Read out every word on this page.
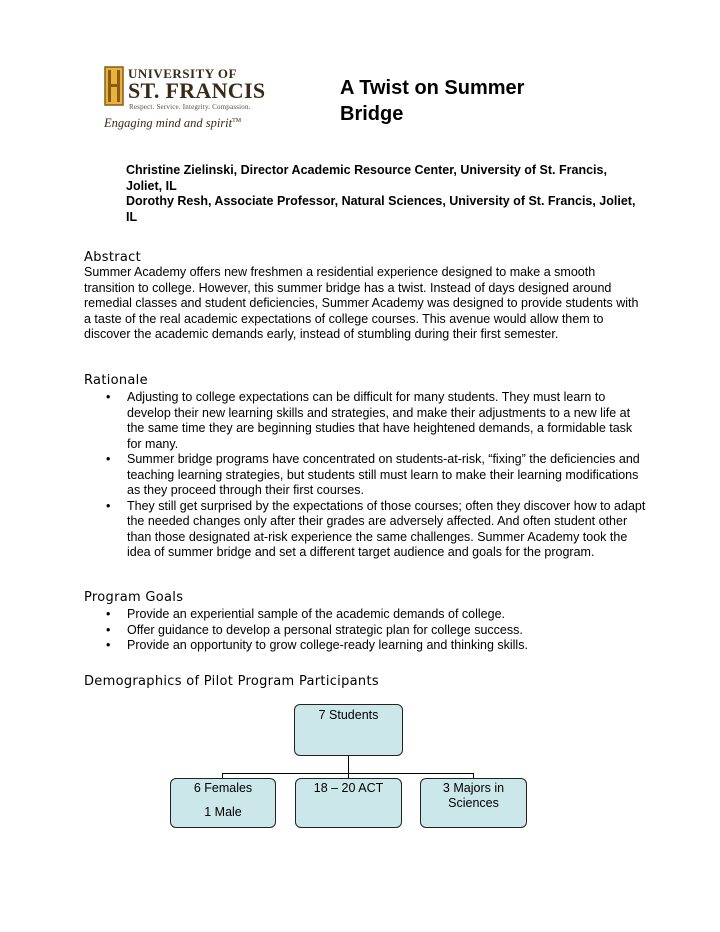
UNIVERSITY OF
ST. FRANCIS
Respect. Service. Integrity. Compassion.
Engaging mind and spirit™
A Twist on Summer Bridge

Christine Zielinski, Director Academic Resource Center, University of St. Francis, Joliet, IL

Dorothy Resh, Associate Professor, Natural Sciences, University of St. Francis, Joliet, IL

Abstract
Summer Academy offers new freshmen a residential experience designed to make a smooth transition to college. However, this summer bridge has a twist. Instead of days designed around remedial classes and student deficiencies, Summer Academy was designed to provide students with a taste of the real academic expectations of college courses. This avenue would allow them to discover the academic demands early, instead of stumbling during their first semester.
Rationale
• Adjusting to college expectations can be difficult for many students. They must learn to develop their new learning skills and strategies, and make their adjustments to a new life at the same time they are beginning studies that have heightened demands, a formidable task for many.
• Summer bridge programs have concentrated on students-at-risk, “fixing” the deficiencies and teaching learning strategies, but students still must learn to make their learning modifications as they proceed through their first courses.
• They still get surprised by the expectations of those courses; often they discover how to adapt the needed changes only after their grades are adversely affected. And often student other than those designated at-risk experience the same challenges. Summer Academy took the idea of summer bridge and set a different target audience and goals for the program.
Program Goals
• Provide an experiential sample of the academic demands of college.
• Offer guidance to develop a personal strategic plan for college success.
• Provide an opportunity to grow college-ready learning and thinking skills.
Demographics of Pilot Program Participants
7 Students
6 Females
1 Male
18 – 20 ACT	3 Majors in
Sciences
